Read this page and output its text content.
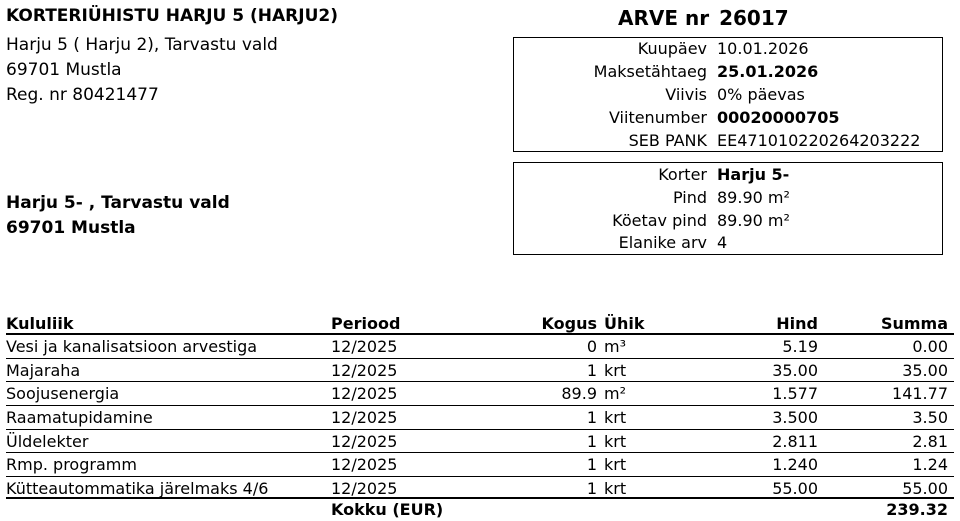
KORTERIÜHISTU HARJU 5 (HARJU2)
Harju 5 ( Harju 2), Tarvastu vald
69701 Mustla
Reg. nr 80421477
ARVE nr 26017
Kuupäev 10.01.2026
Maksetähtaeg 25.01.2026
Viivis 0% päevas
Viitenumber 00020000705
SEB PANK EE471010220264203222
Korter Harju 5-
Pind 89.90 m²
Köetav pind 89.90 m²
Elanike arv 4
Harju 5- , Tarvastu vald
69701 Mustla
Kululiik	Periood	Kogus Ühik	Hind	Summa
Vesi ja kanalisatsioon arvestiga	12/2025	0 m³	5.19	0.00
Majaraha	12/2025	1 krt	35.00	35.00
Soojusenergia	12/2025	89.9 m²	1.577	141.77
Raamatupidamine	12/2025	1 krt	3.500	3.50
Üldelekter	12/2025	1 krt	2.811	2.81
Rmp. programm	12/2025	1 krt	1.240	1.24
Kütteautommatika järelmaks 4/6	12/2025	1 krt	55.00	55.00
Kokku (EUR)	239.32
